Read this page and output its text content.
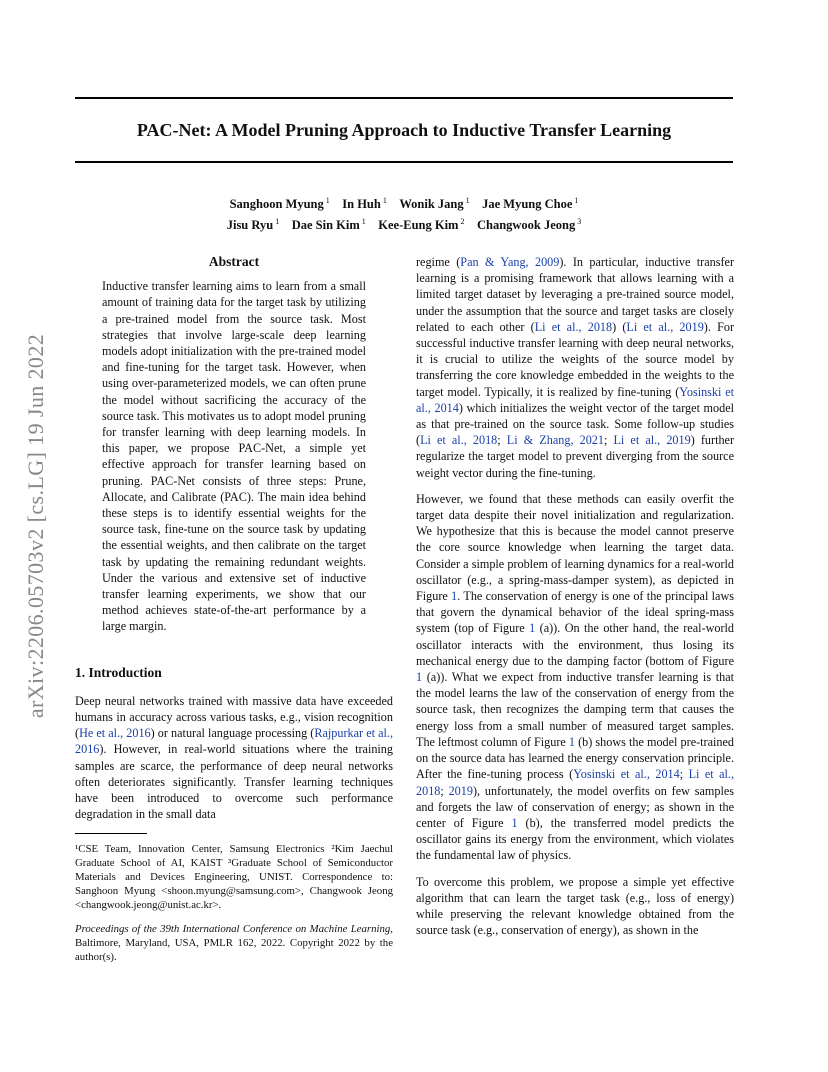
arXiv:2206.05703v2 [cs.LG] 19 Jun 2022
PAC-Net: A Model Pruning Approach to Inductive Transfer Learning
Sanghoon Myung $^1$  In Huh $^1$  Wonik Jang $^1$  Jae Myung Choe $^1$
Jisu Ryu $^1$  Dae Sin Kim $^1$  Kee-Eung Kim $^2$  Changwook Jeong $^3$
Abstract

Inductive transfer learning aims to learn from a small amount of training data for the target task by utilizing a pre-trained model from the source task. Most strategies that involve large-scale deep learning models adopt initialization with the pre-trained model and fine-tuning for the target task. However, when using over-parameterized models, we can often prune the model without sacrificing the accuracy of the source task. This motivates us to adopt model pruning for transfer learning with deep learning models. In this paper, we propose PAC-Net, a simple yet effective approach for transfer learning based on pruning. PAC-Net consists of three steps: Prune, Allocate, and Calibrate (PAC). The main idea behind these steps is to identify essential weights for the source task, fine-tune on the source task by updating the essential weights, and then calibrate on the target task by updating the remaining redundant weights. Under the various and extensive set of inductive transfer learning experiments, we show that our method achieves state-of-the-art performance by a large margin.

1. Introduction

Deep neural networks trained with massive data have exceeded humans in accuracy across various tasks, e.g., vision recognition (He et al., 2016) or natural language processing (Rajpurkar et al., 2016). However, in real-world situations where the training samples are scarce, the performance of deep neural networks often deteriorates significantly. Transfer learning techniques have been introduced to overcome such performance degradation in the small data

¹CSE Team, Innovation Center, Samsung Electronics ²Kim Jaechul Graduate School of AI, KAIST ³Graduate School of Semiconductor Materials and Devices Engineering, UNIST. Correspondence to: Sanghoon Myung <shoon.myung@samsung.com>, Changwook Jeong <changwook.jeong@unist.ac.kr>.

Proceedings of the 39th International Conference on Machine Learning, Baltimore, Maryland, USA, PMLR 162, 2022. Copyright 2022 by the author(s).

regime (Pan & Yang, 2009). In particular, inductive transfer learning is a promising framework that allows learning with a limited target dataset by leveraging a pre-trained source model, under the assumption that the source and target tasks are closely related to each other (Li et al., 2018) (Li et al., 2019). For successful inductive transfer learning with deep neural networks, it is crucial to utilize the weights of the source model by transferring the core knowledge embedded in the weights to the target model. Typically, it is realized by fine-tuning (Yosinski et al., 2014) which initializes the weight vector of the target model as that pre-trained on the source task. Some follow-up studies (Li et al., 2018; Li & Zhang, 2021; Li et al., 2019) further regularize the target model to prevent diverging from the source weight vector during the fine-tuning.

However, we found that these methods can easily overfit the target data despite their novel initialization and regularization. We hypothesize that this is because the model cannot preserve the core source knowledge when learning the target data. Consider a simple problem of learning dynamics for a real-world oscillator (e.g., a spring-mass-damper system), as depicted in Figure 1. The conservation of energy is one of the principal laws that govern the dynamical behavior of the ideal spring-mass system (top of Figure 1 (a)). On the other hand, the real-world oscillator interacts with the environment, thus losing its mechanical energy due to the damping factor (bottom of Figure 1 (a)). What we expect from inductive transfer learning is that the model learns the law of the conservation of energy from the source task, then recognizes the damping term that causes the energy loss from a small number of measured target samples. The leftmost column of Figure 1 (b) shows the model pre-trained on the source data has learned the energy conservation principle. After the fine-tuning process (Yosinski et al., 2014; Li et al., 2018; 2019), unfortunately, the model overfits on few samples and forgets the law of conservation of energy; as shown in the center of Figure 1 (b), the transferred model predicts the oscillator gains its energy from the environment, which violates the fundamental law of physics.

To overcome this problem, we propose a simple yet effective algorithm that can learn the target task (e.g., loss of energy) while preserving the relevant knowledge obtained from the source task (e.g., conservation of energy), as shown in the
